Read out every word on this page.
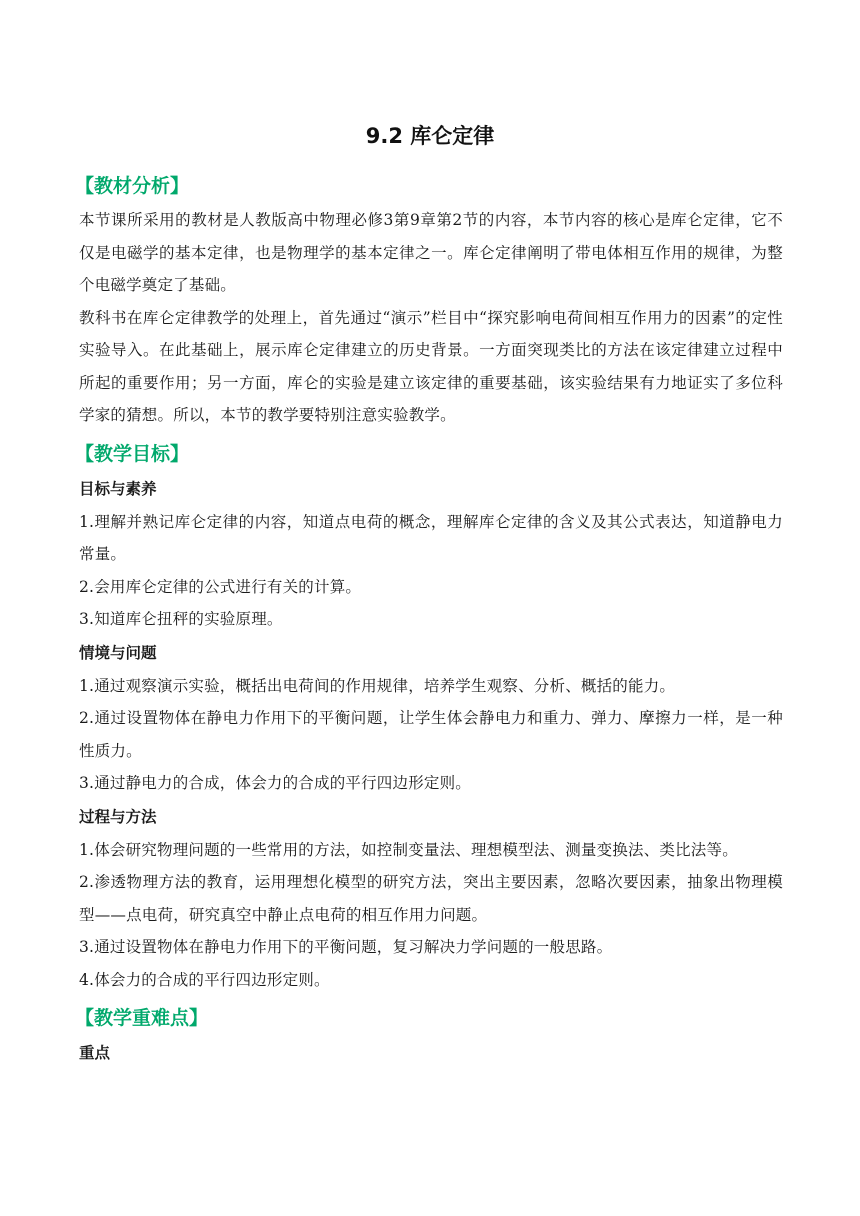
9.2 库仑定律
【教材分析】

本节课所采用的教材是人教版高中物理必修3第9章第2节的内容，本节内容的核心是库仑定律，它不仅是电磁学的基本定律，也是物理学的基本定律之一。库仑定律阐明了带电体相互作用的规律，为整个电磁学奠定了基础。

教科书在库仑定律教学的处理上，首先通过“演示”栏目中“探究影响电荷间相互作用力的因素”的定性实验导入。在此基础上，展示库仑定律建立的历史背景。一方面突现类比的方法在该定律建立过程中所起的重要作用；另一方面，库仑的实验是建立该定律的重要基础，该实验结果有力地证实了多位科学家的猜想。所以，本节的教学要特别注意实验教学。

【教学目标】
目标与素养

1.理解并熟记库仑定律的内容，知道点电荷的概念，理解库仑定律的含义及其公式表达，知道静电力常量。

2.会用库仑定律的公式进行有关的计算。

3.知道库仑扭秤的实验原理。

情境与问题

1.通过观察演示实验，概括出电荷间的作用规律，培养学生观察、分析、概括的能力。

2.通过设置物体在静电力作用下的平衡问题，让学生体会静电力和重力、弹力、摩擦力一样，是一种性质力。

3.通过静电力的合成，体会力的合成的平行四边形定则。

过程与方法

1.体会研究物理问题的一些常用的方法，如控制变量法、理想模型法、测量变换法、类比法等。

2.渗透物理方法的教育，运用理想化模型的研究方法，突出主要因素，忽略次要因素，抽象出物理模型——点电荷，研究真空中静止点电荷的相互作用力问题。

3.通过设置物体在静电力作用下的平衡问题，复习解决力学问题的一般思路。

4.体会力的合成的平行四边形定则。

【教学重难点】
重点
